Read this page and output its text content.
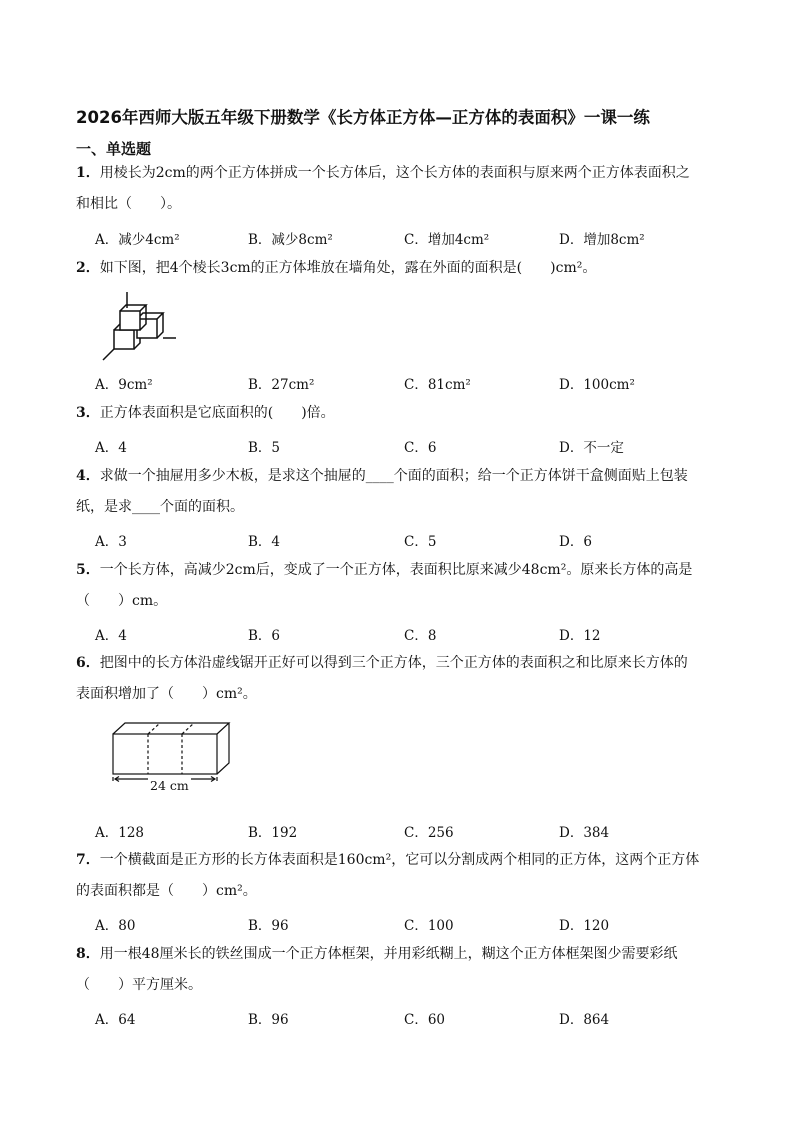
2026年西师大版五年级下册数学《长方体正方体—正方体的表面积》一课一练
一、单选题
1．用棱长为2cm的两个正方体拼成一个长方体后，这个长方体的表面积与原来两个正方体表面积之
和相比（　　）。
A．减少4cm²	B．减少8cm²	C．增加4cm²	D．增加8cm²
2．如下图，把4个棱长3cm的正方体堆放在墙角处，露在外面的面积是(　　)cm²。
A．9cm²	B．27cm²	C．81cm²	D．100cm²
3．正方体表面积是它底面积的(　　)倍。
A．4	B．5	C．6	D．不一定
4．求做一个抽屉用多少木板，是求这个抽屉的____个面的面积；给一个正方体饼干盒侧面贴上包装
纸，是求____个面的面积。
A．3	B．4	C．5	D．6
5．一个长方体，高减少2cm后，变成了一个正方体，表面积比原来减少48cm²。原来长方体的高是
（　　）cm。
A．4	B．6	C．8	D．12
6．把图中的长方体沿虚线锯开正好可以得到三个正方体，三个正方体的表面积之和比原来长方体的
表面积增加了（　　）cm²。
24 cm
A．128	B．192	C．256	D．384
7．一个横截面是正方形的长方体表面积是160cm²，它可以分割成两个相同的正方体，这两个正方体
的表面积都是（　　）cm²。
A．80	B．96	C．100	D．120
8．用一根48厘米长的铁丝围成一个正方体框架，并用彩纸糊上，糊这个正方体框架图少需要彩纸
（　　）平方厘米。
A．64	B．96	C．60	D．864
